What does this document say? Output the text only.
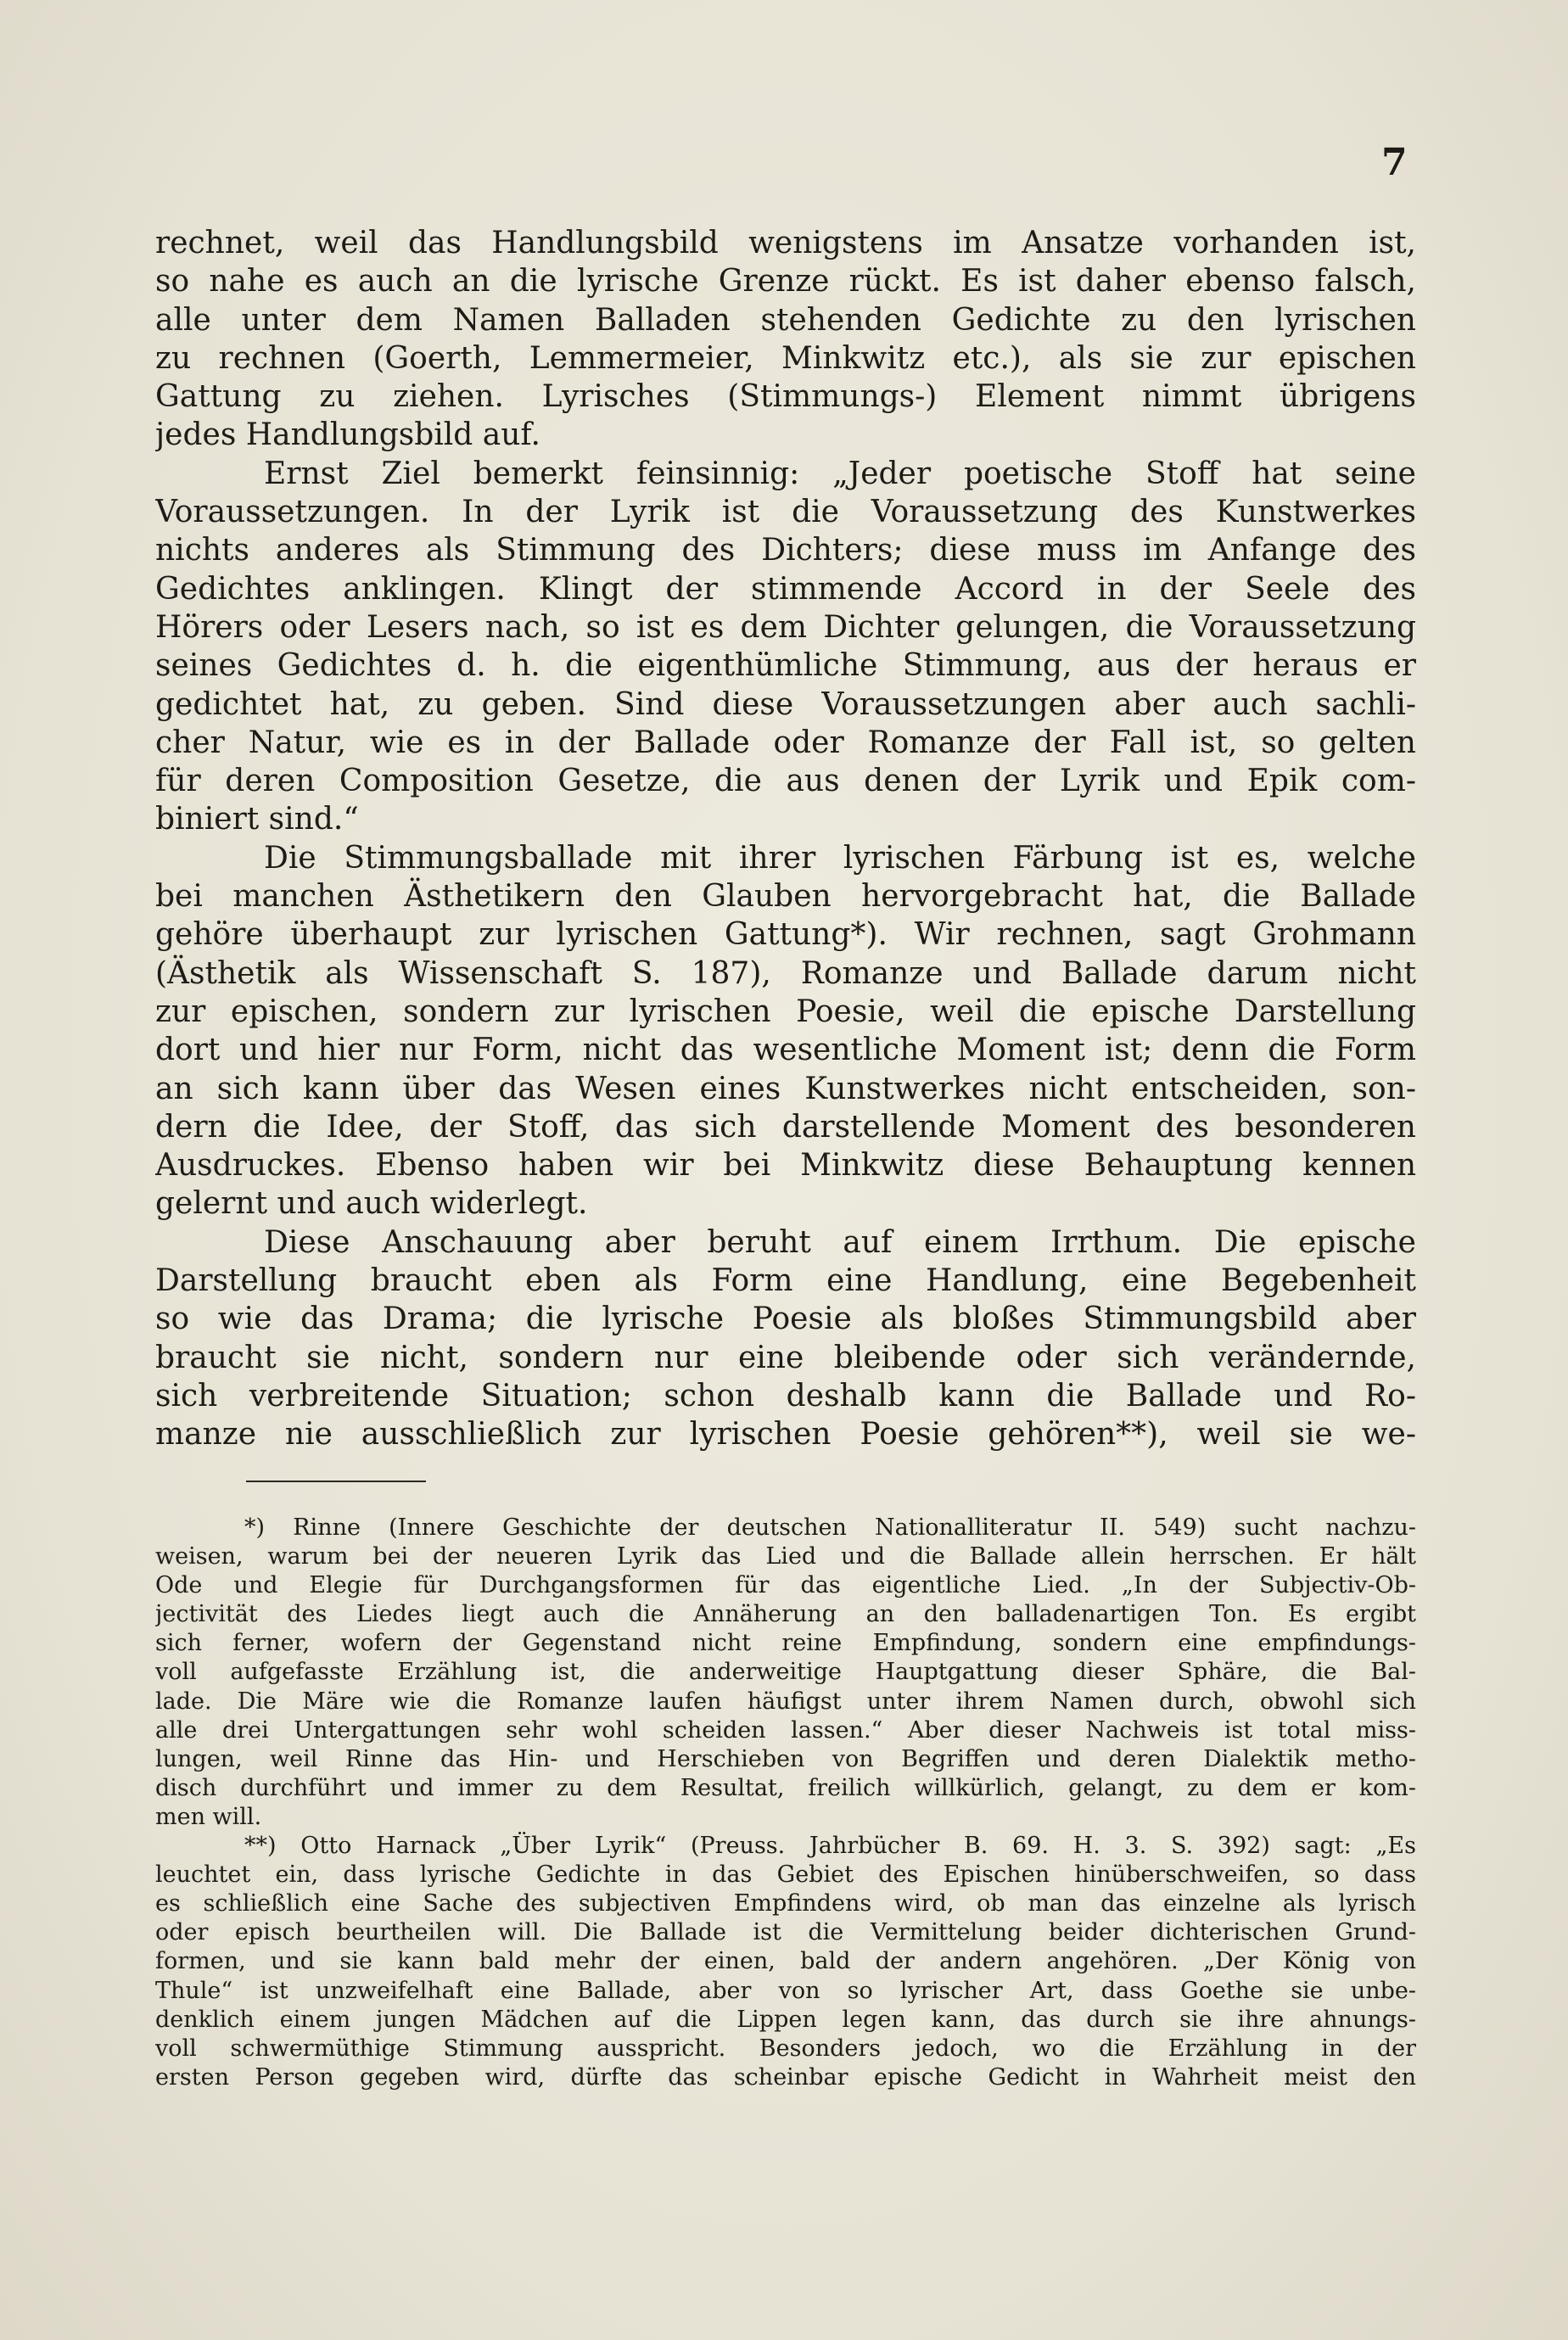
7
rechnet, weil das Handlungsbild wenigstens im Ansatze vorhanden ist,
so nahe es auch an die lyrische Grenze rückt. Es ist daher ebenso falsch,
alle unter dem Namen Balladen stehenden Gedichte zu den lyrischen
zu rechnen (Goerth, Lemmermeier, Minkwitz etc.), als sie zur epischen
Gattung zu ziehen. Lyrisches (Stimmungs-) Element nimmt übrigens
jedes Handlungsbild auf.
Ernst Ziel bemerkt feinsinnig: „Jeder poetische Stoff hat seine
Voraussetzungen. In der Lyrik ist die Voraussetzung des Kunstwerkes
nichts anderes als Stimmung des Dichters; diese muss im Anfange des
Gedichtes anklingen. Klingt der stimmende Accord in der Seele des
Hörers oder Lesers nach, so ist es dem Dichter gelungen, die Voraussetzung
seines Gedichtes d. h. die eigenthümliche Stimmung, aus der heraus er
gedichtet hat, zu geben. Sind diese Voraussetzungen aber auch sachli-
cher Natur, wie es in der Ballade oder Romanze der Fall ist, so gelten
für deren Composition Gesetze, die aus denen der Lyrik und Epik com-
biniert sind.“
Die Stimmungsballade mit ihrer lyrischen Färbung ist es, welche
bei manchen Ästhetikern den Glauben hervorgebracht hat, die Ballade
gehöre überhaupt zur lyrischen Gattung*). Wir rechnen, sagt Grohmann
(Ästhetik als Wissenschaft S. 187), Romanze und Ballade darum nicht
zur epischen, sondern zur lyrischen Poesie, weil die epische Darstellung
dort und hier nur Form, nicht das wesentliche Moment ist; denn die Form
an sich kann über das Wesen eines Kunstwerkes nicht entscheiden, son-
dern die Idee, der Stoff, das sich darstellende Moment des besonderen
Ausdruckes. Ebenso haben wir bei Minkwitz diese Behauptung kennen
gelernt und auch widerlegt.
Diese Anschauung aber beruht auf einem Irrthum. Die epische
Darstellung braucht eben als Form eine Handlung, eine Begebenheit
so wie das Drama; die lyrische Poesie als bloßes Stimmungsbild aber
braucht sie nicht, sondern nur eine bleibende oder sich verändernde,
sich verbreitende Situation; schon deshalb kann die Ballade und Ro-
manze nie ausschließlich zur lyrischen Poesie gehören**), weil sie we-
*) Rinne (Innere Geschichte der deutschen Nationalliteratur II. 549) sucht nachzu-
weisen, warum bei der neueren Lyrik das Lied und die Ballade allein herrschen. Er hält
Ode und Elegie für Durchgangsformen für das eigentliche Lied. „In der Subjectiv-Ob-
jectivität des Liedes liegt auch die Annäherung an den balladenartigen Ton. Es ergibt
sich ferner, wofern der Gegenstand nicht reine Empfindung, sondern eine empfindungs-
voll aufgefasste Erzählung ist, die anderweitige Hauptgattung dieser Sphäre, die Bal-
lade. Die Märe wie die Romanze laufen häufigst unter ihrem Namen durch, obwohl sich
alle drei Untergattungen sehr wohl scheiden lassen.“ Aber dieser Nachweis ist total miss-
lungen, weil Rinne das Hin- und Herschieben von Begriffen und deren Dialektik metho-
disch durchführt und immer zu dem Resultat, freilich willkürlich, gelangt, zu dem er kom-
men will.
**) Otto Harnack „Über Lyrik“ (Preuss. Jahrbücher B. 69. H. 3. S. 392) sagt: „Es
leuchtet ein, dass lyrische Gedichte in das Gebiet des Epischen hinüberschweifen, so dass
es schließlich eine Sache des subjectiven Empfindens wird, ob man das einzelne als lyrisch
oder episch beurtheilen will. Die Ballade ist die Vermittelung beider dichterischen Grund-
formen, und sie kann bald mehr der einen, bald der andern angehören. „Der König von
Thule“ ist unzweifelhaft eine Ballade, aber von so lyrischer Art, dass Goethe sie unbe-
denklich einem jungen Mädchen auf die Lippen legen kann, das durch sie ihre ahnungs-
voll schwermüthige Stimmung ausspricht. Besonders jedoch, wo die Erzählung in der
ersten Person gegeben wird, dürfte das scheinbar epische Gedicht in Wahrheit meist den
